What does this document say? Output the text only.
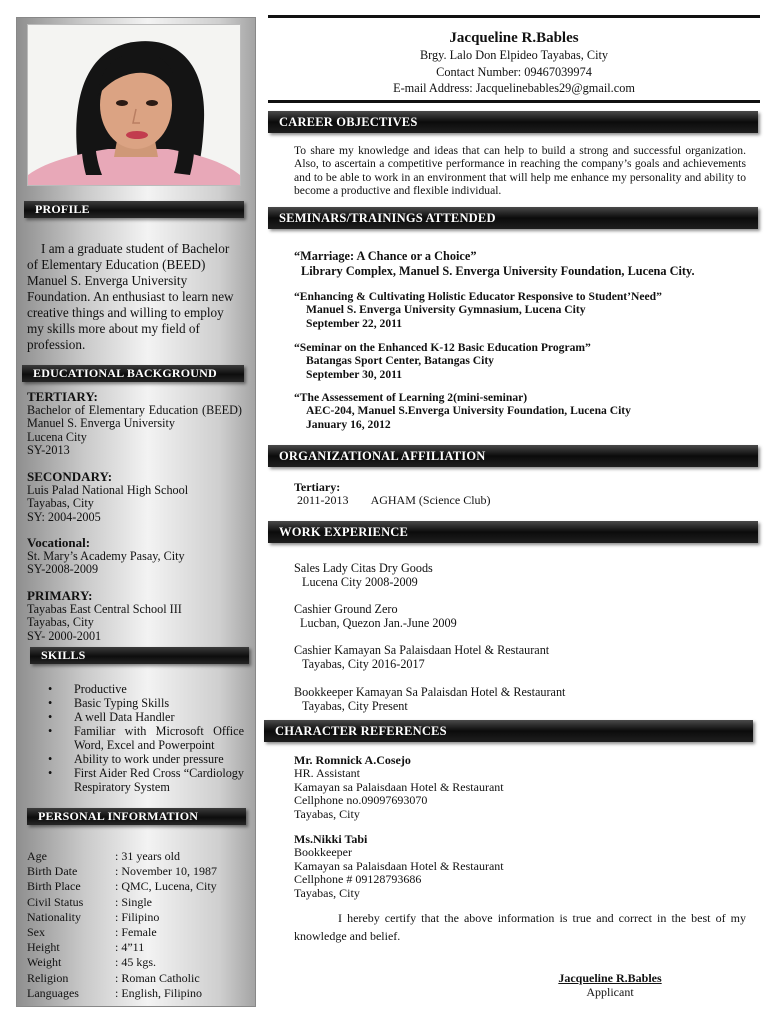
PROFILE
I am a graduate student of Bachelor of Elementary Education (BEED) Manuel S. Enverga University Foundation. An enthusiast to learn new creative things and willing to employ my skills more about my field of profession.
EDUCATIONAL BACKGROUND
TERTIARY:
Bachelor of Elementary Education (BEED) Manuel S. Enverga University
Lucena City
SY-2013
SECONDARY:
Luis Palad National High School
Tayabas, City
SY: 2004-2005
Vocational:
St. Mary’s Academy Pasay, City
SY-2008-2009
PRIMARY:
Tayabas East Central School III
Tayabas, City
SY- 2000-2001
SKILLS
• Productive
• Basic Typing Skills
• A well Data Handler
• Familiar with Microsoft Office Word, Excel and Powerpoint
• Ability to work under pressure
• First Aider Red Cross “Cardiology Respiratory System
PERSONAL INFORMATION
Age	: 31 years old
Birth Date	: November 10, 1987
Birth Place	: QMC, Lucena, City
Civil Status	: Single
Nationality	: Filipino
Sex	: Female
Height	: 4”11
Weight	: 45 kgs.
Religion	: Roman Catholic
Languages	: English, Filipino
Jacqueline R.Bables
Brgy. Lalo Don Elpideo Tayabas, City
Contact Number: 09467039974
E-mail Address: Jacquelinebables29@gmail.com
CAREER OBJECTIVES
To share my knowledge and ideas that can help to build a strong and successful organization. Also, to ascertain a competitive performance in reaching the company’s goals and achievements and to be able to work in an environment that will help me enhance my personality and ability to become a productive and flexible individual.
SEMINARS/TRAININGS ATTENDED
“Marriage: A Chance or a Choice”
Library Complex, Manuel S. Enverga University Foundation, Lucena City.
“Enhancing & Cultivating Holistic Educator Responsive to Student’Need”
Manuel S. Enverga University Gymnasium, Lucena City
September 22, 2011
“Seminar on the Enhanced K-12 Basic Education Program”
Batangas Sport Center, Batangas City
September 30, 2011
“The Assessement of Learning 2(mini-seminar)
AEC-204, Manuel S.Enverga University Foundation, Lucena City
January 16, 2012
ORGANIZATIONAL AFFILIATION
Tertiary:
2011-2013 AGHAM (Science Club)
WORK EXPERIENCE
Sales Lady Citas Dry Goods
Lucena City 2008-2009
Cashier Ground Zero
Lucban, Quezon Jan.-June 2009
Cashier Kamayan Sa Palaisdaan Hotel & Restaurant
Tayabas, City 2016-2017
Bookkeeper Kamayan Sa Palaisdan Hotel & Restaurant
Tayabas, City Present
CHARACTER REFERENCES
Mr. Romnick A.Cosejo
HR. Assistant
Kamayan sa Palaisdaan Hotel & Restaurant
Cellphone no.09097693070
Tayabas, City
Ms.Nikki Tabi
Bookkeeper
Kamayan sa Palaisdaan Hotel & Restaurant
Cellphone # 09128793686
Tayabas, City
I hereby certify that the above information is true and correct in the best of my knowledge and belief.
Jacqueline R.Bables
Applicant
